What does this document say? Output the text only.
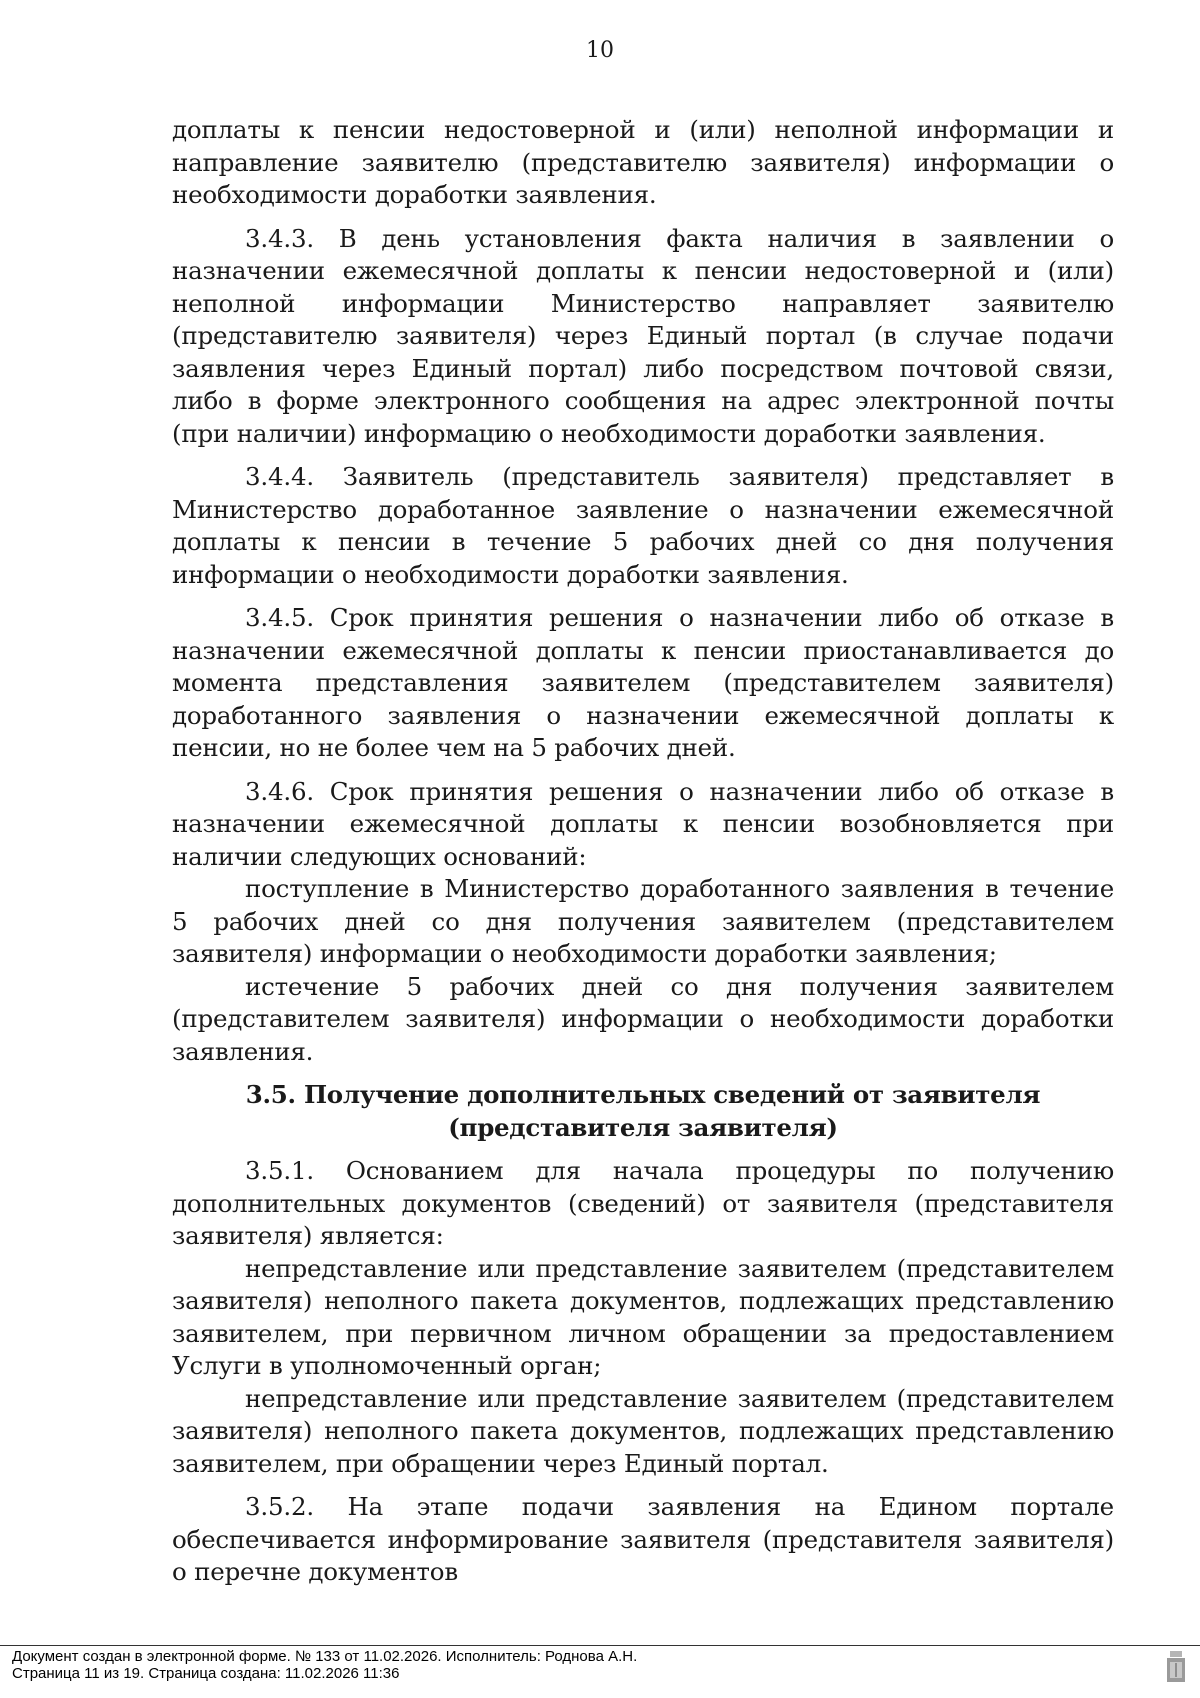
10

доплаты к пенсии недостоверной и (или) неполной информации и направление заявителю (представителю заявителя) информации о необходимости доработки заявления.

3.4.3. В день установления факта наличия в заявлении о назначении ежемесячной доплаты к пенсии недостоверной и (или) неполной информации Министерство направляет заявителю (представителю заявителя) через Единый портал (в случае подачи заявления через Единый портал) либо посредством почтовой связи, либо в форме электронного сообщения на адрес электронной почты (при наличии) информацию о необходимости доработки заявления.

3.4.4. Заявитель (представитель заявителя) представляет в Министерство доработанное заявление о назначении ежемесячной доплаты к пенсии в течение 5 рабочих дней со дня получения информации о необходимости доработки заявления.

3.4.5. Срок принятия решения о назначении либо об отказе в назначении ежемесячной доплаты к пенсии приостанавливается до момента представления заявителем (представителем заявителя) доработанного заявления о назначении ежемесячной доплаты к пенсии, но не более чем на 5 рабочих дней.

3.4.6. Срок принятия решения о назначении либо об отказе в назначении ежемесячной доплаты к пенсии возобновляется при наличии следующих оснований:

поступление в Министерство доработанного заявления в течение 5 рабочих дней со дня получения заявителем (представителем заявителя) информации о необходимости доработки заявления;

истечение 5 рабочих дней со дня получения заявителем (представителем заявителя) информации о необходимости доработки заявления.

3.5. Получение дополнительных сведений от заявителя (представителя заявителя)

3.5.1. Основанием для начала процедуры по получению дополнительных документов (сведений) от заявителя (представителя заявителя) является:

непредставление или представление заявителем (представителем заявителя) неполного пакета документов, подлежащих представлению заявителем, при первичном личном обращении за предоставлением Услуги в уполномоченный орган;

непредставление или представление заявителем (представителем заявителя) неполного пакета документов, подлежащих представлению заявителем, при обращении через Единый портал.

3.5.2. На этапе подачи заявления на Едином портале обеспечивается информирование заявителя (представителя заявителя) о перечне документов

Документ создан в электронной форме. № 133 от 11.02.2026. Исполнитель: Роднова А.Н.
Страница 11 из 19. Страница создана: 11.02.2026 11:36
